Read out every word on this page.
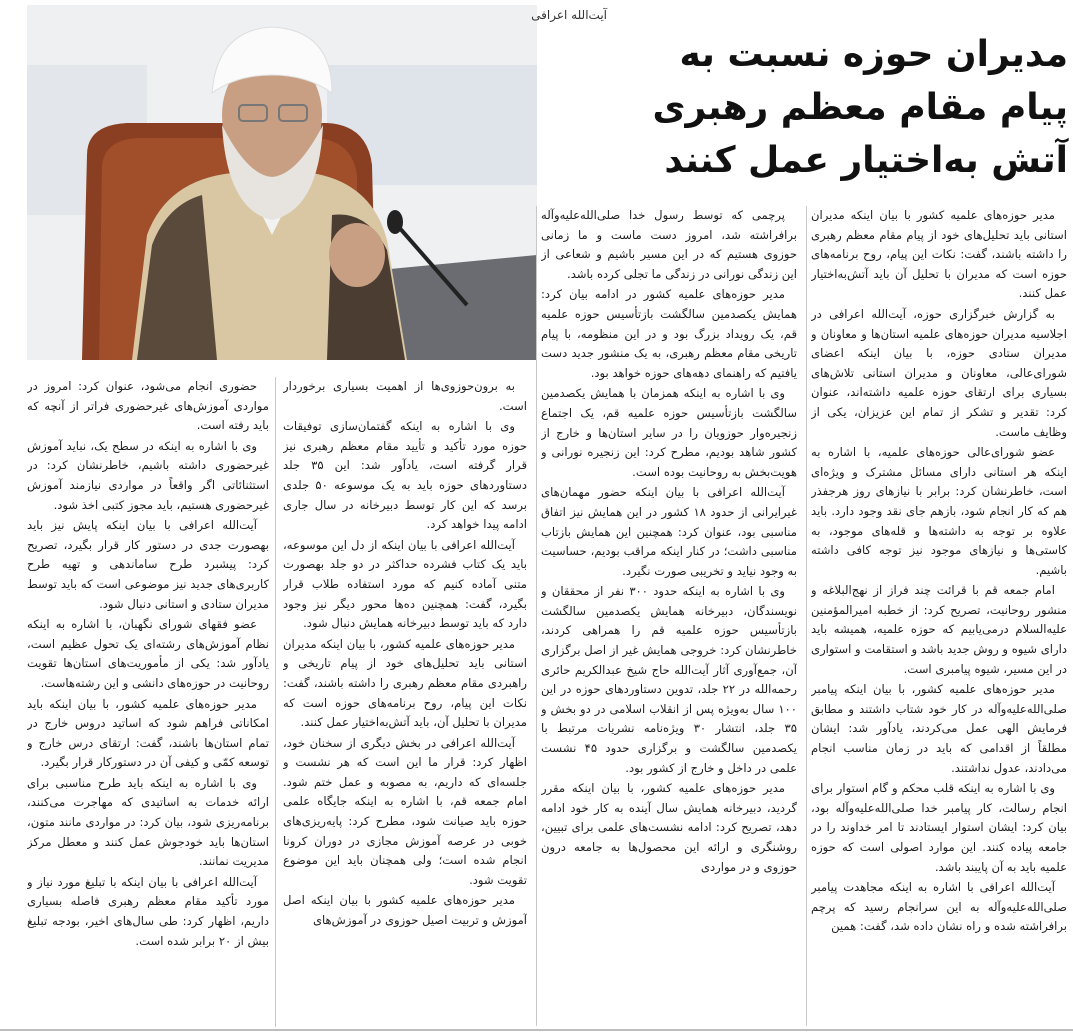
آیت‌الله اعرافی
مدیران حوزه نسبت به
پیام مقام معظم رهبری
آتش به‌اختیار عمل کنند

مدیر حوزه‌های علمیه کشور با بیان اینکه مدیران استانی باید تحلیل‌های خود از پیام مقام معظم رهبری را داشته باشند، گفت: نکات این پیام، روح برنامه‌های حوزه است که مدیران با تحلیل آن باید آتش‌به‌اختیار عمل کنند.

به گزارش خبرگزاری حوزه، آیت‌الله اعرافی در اجلاسیه مدیران حوزه‌های علمیه استان‌ها و معاونان و مدیران ستادی حوزه، با بیان اینکه اعضای شورای‌عالی، معاونان و مدیران استانی تلاش‌های بسیاری برای ارتقای حوزه علمیه داشته‌اند، عنوان کرد: تقدیر و تشکر از تمام این عزیزان، یکی از وظایف ماست.

عضو شورای‌عالی حوزه‌های علمیه، با اشاره به اینکه هر استانی دارای مسائل مشترک و ویژه‌ای است، خاطرنشان کرد: برابر با نیازهای روز هرجفذر هم که کار انجام شود، بازهم جای نقد وجود دارد. باید علاوه بر توجه به داشته‌ها و قله‌های موجود، به کاستی‌ها و نیازهای موجود نیز توجه کافی داشته باشیم.

امام جمعه قم با قرائت چند فراز از نهج‌البلاغه و منشور روحانیت، تصریح کرد: از خطبه امیرالمؤمنین علیه‌السلام درمی‌یابیم که حوزه علمیه، همیشه باید دارای شیوه و روش جدید باشد و استقامت و استواری در این مسیر، شیوه پیامبری است.

مدیر حوزه‌های علمیه کشور، با بیان اینکه پیامبر صلی‌الله‌علیه‌وآله در کار خود شتاب داشتند و مطابق فرمایش الهی عمل می‌کردند، یادآور شد: ایشان مطلقاً از اقدامی که باید در زمان مناسب انجام می‌دادند، عدول نداشتند.

وی با اشاره به اینکه قلب محکم و گام استوار برای انجام رسالت، کار پیامبر خدا صلی‌الله‌علیه‌وآله بود، بیان کرد: ایشان استوار ایستادند تا امر خداوند را در جامعه پیاده کنند. این موارد اصولی است که حوزه علمیه باید به آن پایبند باشد.

آیت‌الله اعرافی با اشاره به اینکه مجاهدت پیامبر صلی‌الله‌علیه‌وآله به این سرانجام رسید که پرچم برافراشته شده و راه نشان داده شد، گفت: همین

پرچمی که توسط رسول خدا صلی‌الله‌علیه‌وآله برافراشته شد، امروز دست ماست و ما زمانی حوزوی هستیم که در این مسیر باشیم و شعاعی از این زندگی نورانی در زندگی ما تجلی کرده باشد.

مدیر حوزه‌های علمیه کشور در ادامه بیان کرد: همایش یکصدمین سالگشت بازتأسیس حوزه علمیه قم، یک رویداد بزرگ بود و در این منظومه، با پیام تاریخی مقام معظم رهبری، به یک منشور جدید دست یافتیم که راهنمای دهه‌های حوزه خواهد بود.

وی با اشاره به اینکه همزمان با همایش یکصدمین سالگشت بازتأسیس حوزه علمیه قم، یک اجتماع زنجیره‌وار حوزویان را در سایر استان‌ها و خارج از کشور شاهد بودیم، مطرح کرد: این زنجیره نورانی و هویت‌بخش به روحانیت بوده است.

آیت‌الله اعرافی با بیان اینکه حضور مهمان‌های غیرایرانی از حدود ۱۸ کشور در این همایش نیز اتفاق مناسبی بود، عنوان کرد: همچنین این همایش بازتاب مناسبی داشت؛ در کنار اینکه مراقب بودیم، حساسیت به وجود نیاید و تخریبی صورت نگیرد.

وی با اشاره به اینکه حدود ۳۰۰ نفر از محققان و نویسندگان، دبیرخانه همایش یکصدمین سالگشت بازتأسیس حوزه علمیه قم را همراهی کردند، خاطرنشان کرد: خروجی همایش غیر از اصل برگزاری آن، جمع‌آوری آثار آیت‌الله حاج شیخ عبدالکریم حائری رحمه‌الله در ۲۲ جلد، تدوین دستاوردهای حوزه در این ۱۰۰ سال به‌ویژه پس از انقلاب اسلامی در دو بخش و ۳۵ جلد، انتشار ۳۰ ویژه‌نامه نشریات مرتبط با یکصدمین سالگشت و برگزاری حدود ۴۵ نشست علمی در داخل و خارج از کشور بود.

مدیر حوزه‌های علمیه کشور، با بیان اینکه مقرر گردید، دبیرخانه همایش سال آینده به کار خود ادامه دهد، تصریح کرد: ادامه نشست‌های علمی برای تبیین، روشنگری و ارائه این محصول‌ها به جامعه درون حوزوی و در مواردی

به برون‌حوزوی‌ها از اهمیت بسیاری برخوردار است.

وی با اشاره به اینکه گفتمان‌سازی توفیقات حوزه مورد تأکید و تأیید مقام معظم رهبری نیز قرار گرفته است، یادآور شد: این ۳۵ جلد دستاوردهای حوزه باید به یک موسوعه ۵۰ جلدی برسد که این کار توسط دبیرخانه در سال جاری ادامه پیدا خواهد کرد.

آیت‌الله اعرافی با بیان اینکه از دل این موسوعه، باید یک کتاب فشرده حداکثر در دو جلد بهصورت متنی آماده کنیم که مورد استفاده طلاب قرار بگیرد، گفت: همچنین ده‌ها محور دیگر نیز وجود دارد که باید توسط دبیرخانه همایش دنبال شود.

مدیر حوزه‌های علمیه کشور، با بیان اینکه مدیران استانی باید تحلیل‌های خود از پیام تاریخی و راهبردی مقام معظم رهبری را داشته باشند، گفت: نکات این پیام، روح برنامه‌های حوزه است که مدیران با تحلیل آن، باید آتش‌به‌اختیار عمل کنند.

آیت‌الله اعرافی در بخش دیگری از سخنان خود، اظهار کرد: قرار ما این است که هر نشست و جلسه‌ای که داریم، به مصوبه و عمل ختم شود. امام جمعه قم، با اشاره به اینکه جایگاه علمی حوزه باید صیانت شود، مطرح کرد: پایه‌ریزی‌های خوبی در عرصه آموزش مجازی در دوران کرونا انجام شده است؛ ولی همچنان باید این موضوع تقویت شود.

مدیر حوزه‌های علمیه کشور با بیان اینکه اصل آموزش و تربیت اصیل حوزوی در آموزش‌های

حضوری انجام می‌شود، عنوان کرد: امروز در مواردی آموزش‌های غیرحضوری فراتر از آنچه که باید رفته است.

وی با اشاره به اینکه در سطح یک، نباید آموزش غیرحضوری داشته باشیم، خاطرنشان کرد: در استثنائاتی اگر واقعاً در مواردی نیازمند آموزش غیرحضوری هستیم، باید مجوز کتبی اخذ شود.

آیت‌الله اعرافی با بیان اینکه پایش نیز باید بهصورت جدی در دستور کار قرار بگیرد، تصریح کرد: پیشبرد طرح ساماندهی و تهیه طرح کاربری‌های جدید نیز موضوعی است که باید توسط مدیران ستادی و استانی دنبال شود.

عضو فقهای شورای نگهبان، با اشاره به اینکه نظام آموزش‌های رشته‌ای یک تحول عظیم است، یادآور شد: یکی از مأموریت‌های استان‌ها تقویت روحانیت در حوزه‌های دانشی و این رشته‌هاست.

مدیر حوزه‌های علمیه کشور، با بیان اینکه باید امکاناتی فراهم شود که اساتید دروس خارج در تمام استان‌ها باشند، گفت: ارتقای درس خارج و توسعه کمّی و کیفی آن در دستورکار قرار بگیرد.

وی با اشاره به اینکه باید طرح مناسبی برای ارائه خدمات به اساتیدی که مهاجرت می‌کنند، برنامه‌ریزی شود، بیان کرد: در مواردی مانند متون، استان‌ها باید خودجوش عمل کنند و معطل مرکز مدیریت نمانند.

آیت‌الله اعرافی با بیان اینکه با تبلیغ مورد نیاز و مورد تأکید مقام معظم رهبری فاصله بسیاری داریم، اظهار کرد: طی سال‌های اخیر، بودجه تبلیغ بیش از ۲۰ برابر شده است.
